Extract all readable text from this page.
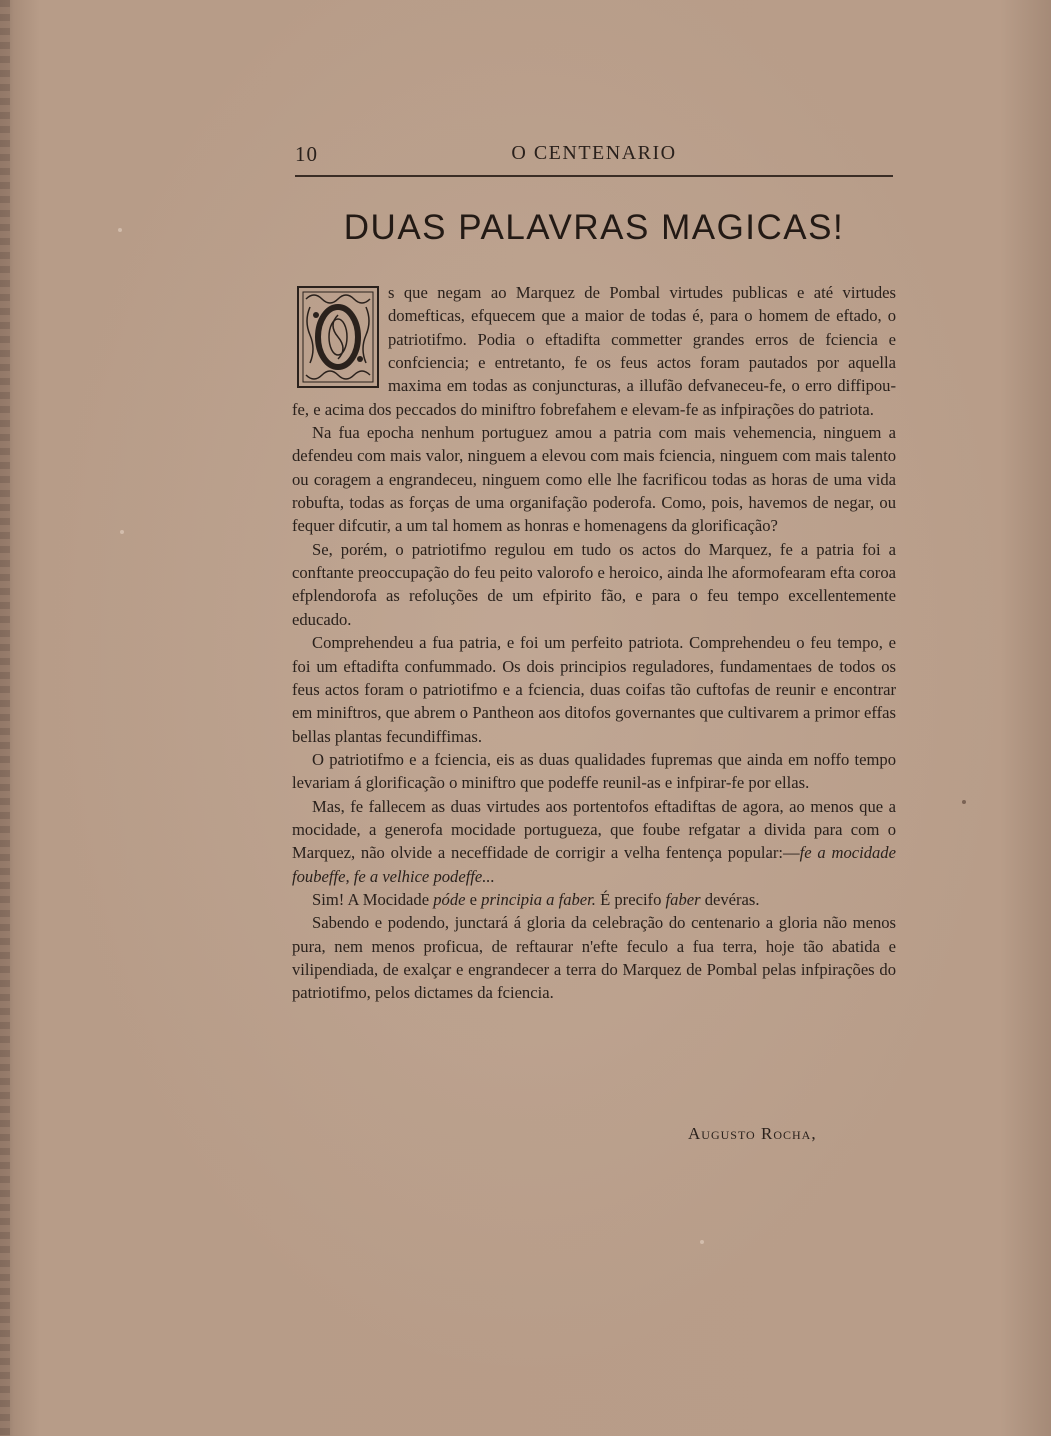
10	O CENTENARIO
DUAS PALAVRAS MAGICAS!

s que negam ao Marquez de Pombal virtudes publicas e até virtudes domefticas, efquecem que a maior de todas é, para o homem de eftado, o patriotifmo. Podia o eftadifta commetter grandes erros de fciencia e confciencia; e entretanto, fe os feus actos foram pautados por aquella maxima em todas as conjuncturas, a illufão defvaneceu-fe, o erro diffipou-fe, e acima dos peccados do miniftro fobrefahem e elevam-fe as infpirações do patriota.

Na fua epocha nenhum portuguez amou a patria com mais vehemencia, ninguem a defendeu com mais valor, ninguem a elevou com mais fciencia, ninguem com mais talento ou coragem a engrandeceu, ninguem como elle lhe facrificou todas as horas de uma vida robufta, todas as forças de uma organifação poderofa. Como, pois, havemos de negar, ou fequer difcutir, a um tal homem as honras e homenagens da glorificação?

Se, porém, o patriotifmo regulou em tudo os actos do Marquez, fe a patria foi a conftante preoccupação do feu peito valorofo e heroico, ainda lhe aformofearam efta coroa efplendorofa as refoluções de um efpirito fão, e para o feu tempo excellentemente educado.

Comprehendeu a fua patria, e foi um perfeito patriota. Comprehendeu o feu tempo, e foi um eftadifta confummado. Os dois principios reguladores, fundamentaes de todos os feus actos foram o patriotifmo e a fciencia, duas coifas tão cuftofas de reunir e encontrar em miniftros, que abrem o Pantheon aos ditofos governantes que cultivarem a primor effas bellas plantas fecundiffimas.

O patriotifmo e a fciencia, eis as duas qualidades fupremas que ainda em noffo tempo levariam á glorificação o miniftro que podeffe reunil-as e infpirar-fe por ellas.

Mas, fe fallecem as duas virtudes aos portentofos eftadiftas de agora, ao menos que a mocidade, a generofa mocidade portugueza, que foube refgatar a divida para com o Marquez, não olvide a neceffidade de corrigir a velha fentença popular:—fe a mocidade foubeffe, fe a velhice podeffe...

Sim! A Mocidade póde e principia a faber. É precifo faber devéras.

Sabendo e podendo, junctará á gloria da celebração do centenario a gloria não menos pura, nem menos proficua, de reftaurar n'efte feculo a fua terra, hoje tão abatida e vilipendiada, de exalçar e engrandecer a terra do Marquez de Pombal pelas infpirações do patriotifmo, pelos dictames da fciencia.

Augusto Rocha,
